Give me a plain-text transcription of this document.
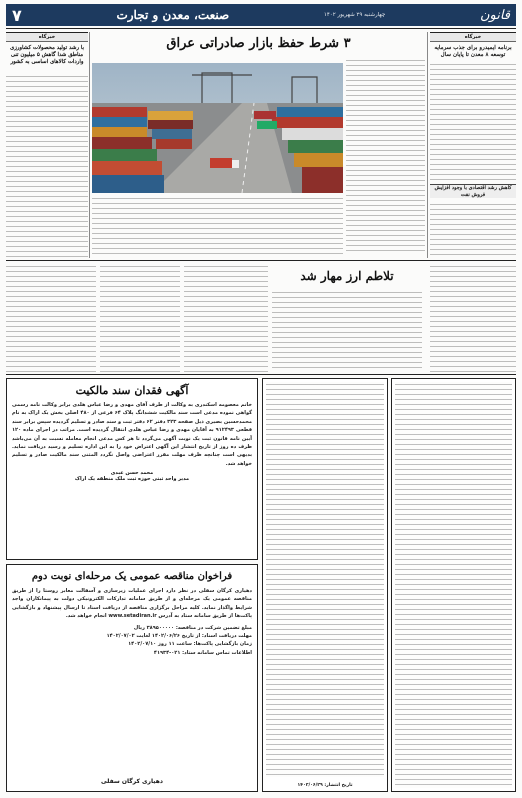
۷	صنعت، معدن و تجارت	چهارشنبه ۲۹ شهریور ۱۴۰۲	قانون
خبرگاه
با رشد تولید محصولات کشاورزی مناطق شدا گاهش ۵ میلیون تنی واردات کالاهای اساسی به کشور
خبرگاه
برنامه ایمیدرو برای جذب سرمایه توسعه ۸ معدن تا پایان سال
کاهش رشد اقتصادی با وجود افزایش فروش نفت
۳ شرط حفظ بازار صادراتی عراق
تلاطم ارز مهار شد
آگهی فقدان سند مالکیت

خانم معصومه اسکندری به وکالت از طرف آقای مهدی و رضا عباس هلدی برابر وکالت نامه رسمی گواهی نموده مدعی است سند مالکیت ششدانگ پلاک ۶۴ فرعی از ۴۸۰ اصلی بخش یک اراک به نام محمدحسین بصیری ذیل صفحه ۳۲۳ دفتر ۶۲ دفتر ثبت و سند صادر و تسلیم گردیده سپس برابر سند قطعی ۹۱۲۴۹۳ به آقایان مهدی و رضا عباس هلدی انتقال گردیده است. مراتب در اجرای ماده ۱۲۰ آیین نامه قانون ثبت یک نوبت آگهی می‌گردد تا هر کس مدعی انجام معامله نسبت به آن می‌باشد ظرف ده روز از تاریخ انتشار این آگهی اعتراض خود را به این اداره تسلیم و رسید دریافت نماید. بدیهی است چنانچه ظرف مهلت مقرر اعتراضی واصل نگردد المثنی سند مالکیت صادر و تسلیم خواهد شد.

محمد حسن عبدی
مدیر واحد ثبتی حوزه ثبت ملک منطقه یک اراک
فراخوان مناقصه عمومی یک مرحله‌ای نوبت دوم

دهیاری کرگان سفلی در نظر دارد اجرای عملیات زیرسازی و آسفالت معابر روستا را از طریق مناقصه عمومی یک مرحله‌ای و از طریق سامانه تدارکات الکترونیکی دولت به پیمانکاران واجد شرایط واگذار نماید. کلیه مراحل برگزاری مناقصه از دریافت اسناد تا ارسال پیشنهاد و بازگشایی پاکت‌ها از طریق سامانه ستاد به آدرس www.setadiran.ir انجام خواهد شد.

مبلغ تضمین شرکت در مناقصه: ۳۸۹۵۰۰۰۰۰ ریال

مهلت دریافت اسناد: از تاریخ ۱۴۰۲/۰۶/۲۶ لغایت ۱۴۰۲/۰۷/۰۲

زمان بازگشایی پاکت‌ها: ساعت ۱۱ روز ۱۴۰۲/۰۷/۱۰

اطلاعات تماس سامانه ستاد: ۰۲۱-۴۱۹۳۴

دهیاری کرگان سفلی
تاریخ انتشار: ۱۴۰۲/۰۶/۲۹
